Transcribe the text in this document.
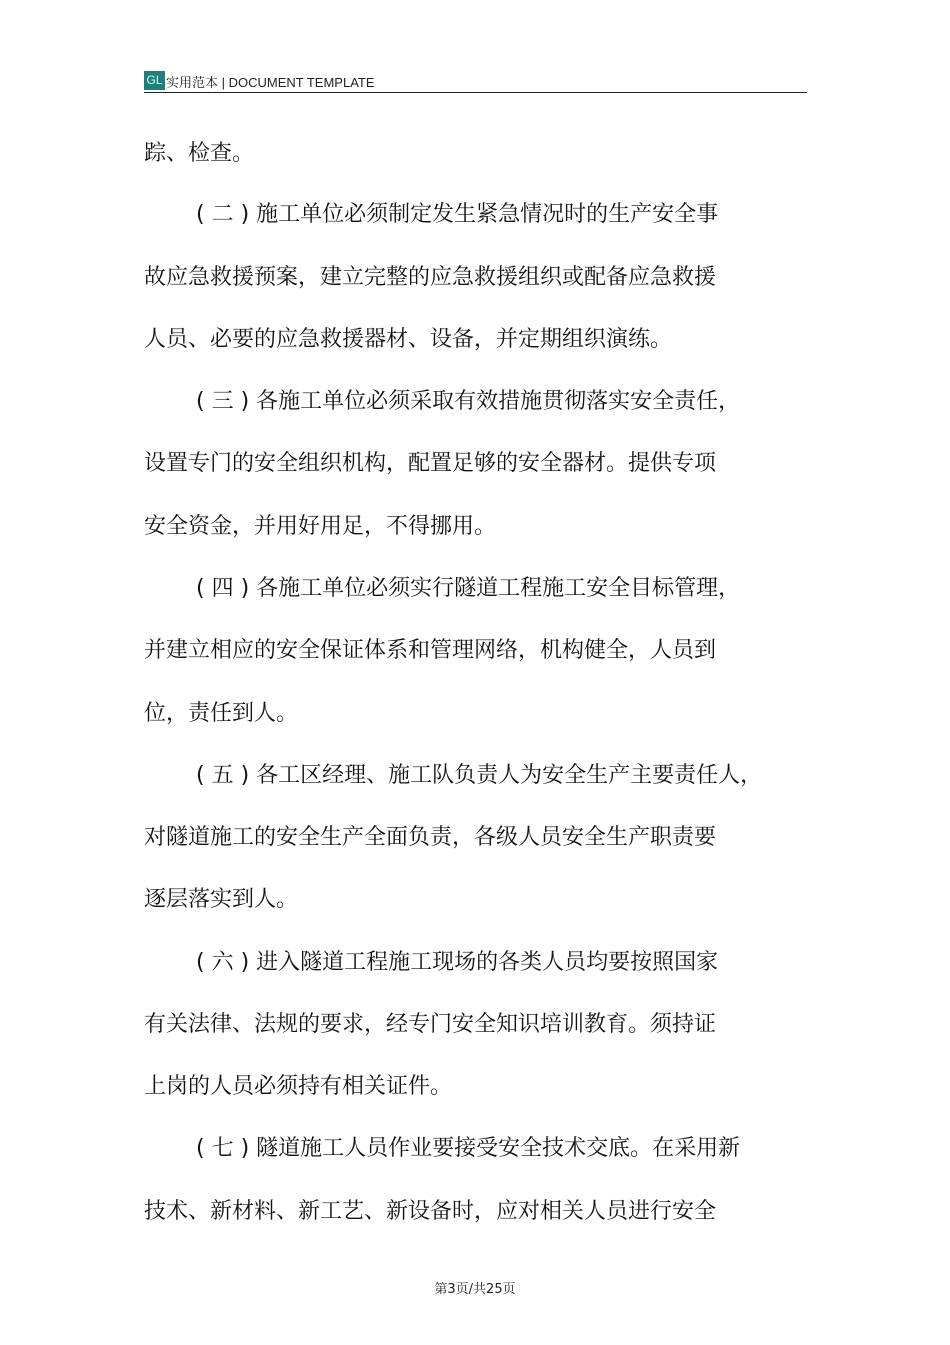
GL 实用范本 | DOCUMENT TEMPLATE
踪、检查。
( 二 ) 施工单位必须制定发生紧急情况时的生产安全事
故应急救援预案，建立完整的应急救援组织或配备应急救援
人员、必要的应急救援器材、设备，并定期组织演练。
( 三 ) 各施工单位必须采取有效措施贯彻落实安全责任，
设置专门的安全组织机构，配置足够的安全器材。提供专项
安全资金，并用好用足，不得挪用。
( 四 ) 各施工单位必须实行隧道工程施工安全目标管理，
并建立相应的安全保证体系和管理网络，机构健全，人员到
位，责任到人。
( 五 ) 各工区经理、施工队负责人为安全生产主要责任人，
对隧道施工的安全生产全面负责，各级人员安全生产职责要
逐层落实到人。
( 六 ) 进入隧道工程施工现场的各类人员均要按照国家
有关法律、法规的要求，经专门安全知识培训教育。须持证
上岗的人员必须持有相关证件。
( 七 ) 隧道施工人员作业要接受安全技术交底。在采用新
技术、新材料、新工艺、新设备时，应对相关人员进行安全
第3页/共25页
